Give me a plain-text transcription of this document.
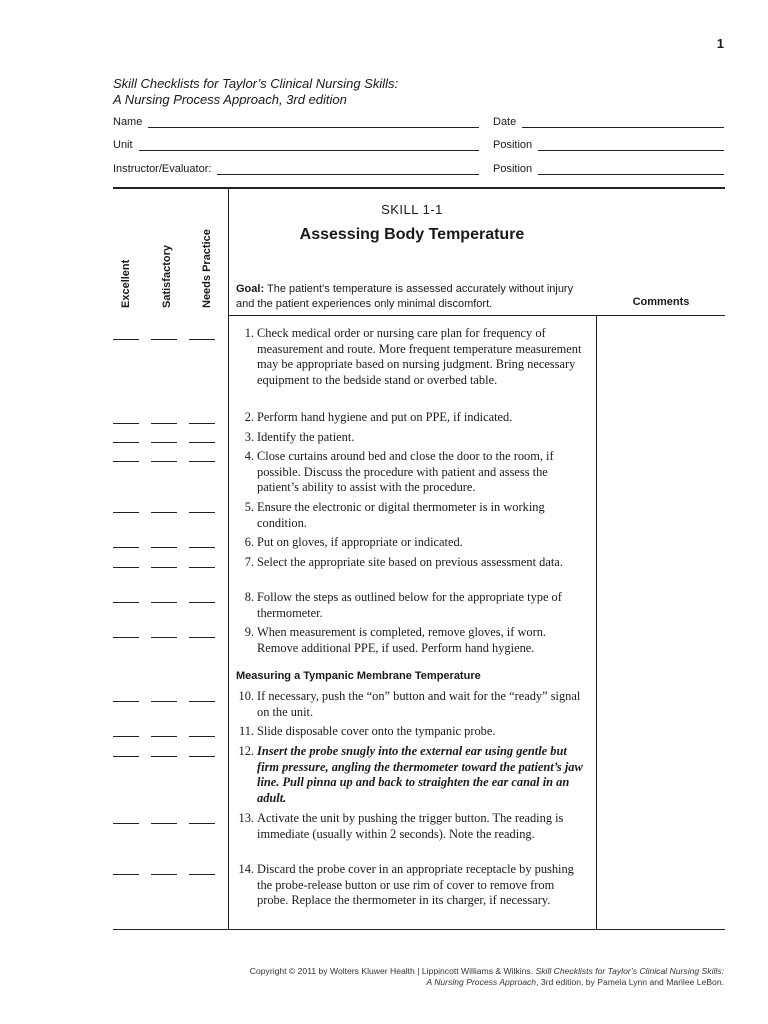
1
Skill Checklists for Taylor’s Clinical Nursing Skills:
A Nursing Process Approach, 3rd edition
Name	Date
Unit	Position
Instructor/Evaluator:	Position
Excellent	Satisfactory	Needs Practice
SKILL 1-1
Assessing Body Temperature
Goal: The patient’s temperature is assessed accurately without injury and the patient experiences only minimal discomfort.	Comments
1. Check medical order or nursing care plan for frequency of measurement and route. More frequent temperature measurement may be appropriate based on nursing judgment. Bring necessary equipment to the bedside stand or overbed table.
2. Perform hand hygiene and put on PPE, if indicated.
3. Identify the patient.
4. Close curtains around bed and close the door to the room, if possible. Discuss the procedure with patient and assess the patient’s ability to assist with the procedure.
5. Ensure the electronic or digital thermometer is in working condition.
6. Put on gloves, if appropriate or indicated.
7. Select the appropriate site based on previous assessment data.
8. Follow the steps as outlined below for the appropriate type of thermometer.
9. When measurement is completed, remove gloves, if worn. Remove additional PPE, if used. Perform hand hygiene.
Measuring a Tympanic Membrane Temperature
10. If necessary, push the “on” button and wait for the “ready” signal on the unit.
11. Slide disposable cover onto the tympanic probe.
12. Insert the probe snugly into the external ear using gentle but firm pressure, angling the thermometer toward the patient’s jaw line. Pull pinna up and back to straighten the ear canal in an adult.
13. Activate the unit by pushing the trigger button. The reading is immediate (usually within 2 seconds). Note the reading.
14. Discard the probe cover in an appropriate receptacle by pushing the probe-release button or use rim of cover to remove from probe. Replace the thermometer in its charger, if necessary.
Copyright © 2011 by Wolters Kluwer Health | Lippincott Williams & Wilkins. Skill Checklists for Taylor’s Clinical Nursing Skills:
A Nursing Process Approach, 3rd edition, by Pamela Lynn and Marilee LeBon.
